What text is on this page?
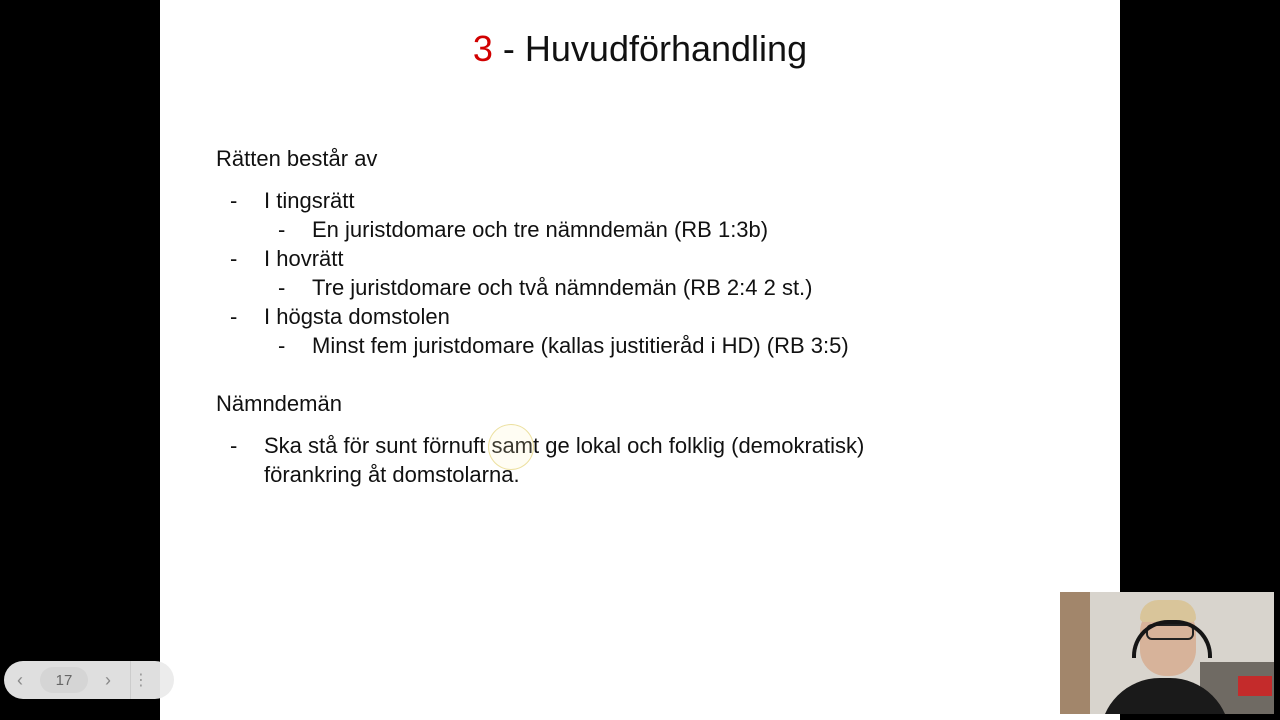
3 - Huvudförhandling
Rätten består av
- I tingsrätt
- En juristdomare och tre nämndemän (RB 1:3b)
- I hovrätt
- Tre juristdomare och två nämndemän (RB 2:4 2 st.)
- I högsta domstolen
- Minst fem juristdomare (kallas justitieråd i HD) (RB 3:5)
Nämndemän
- Ska stå för sunt förnuft samt ge lokal och folklig (demokratisk)
förankring åt domstolarna.
‹	17	›	⋮
